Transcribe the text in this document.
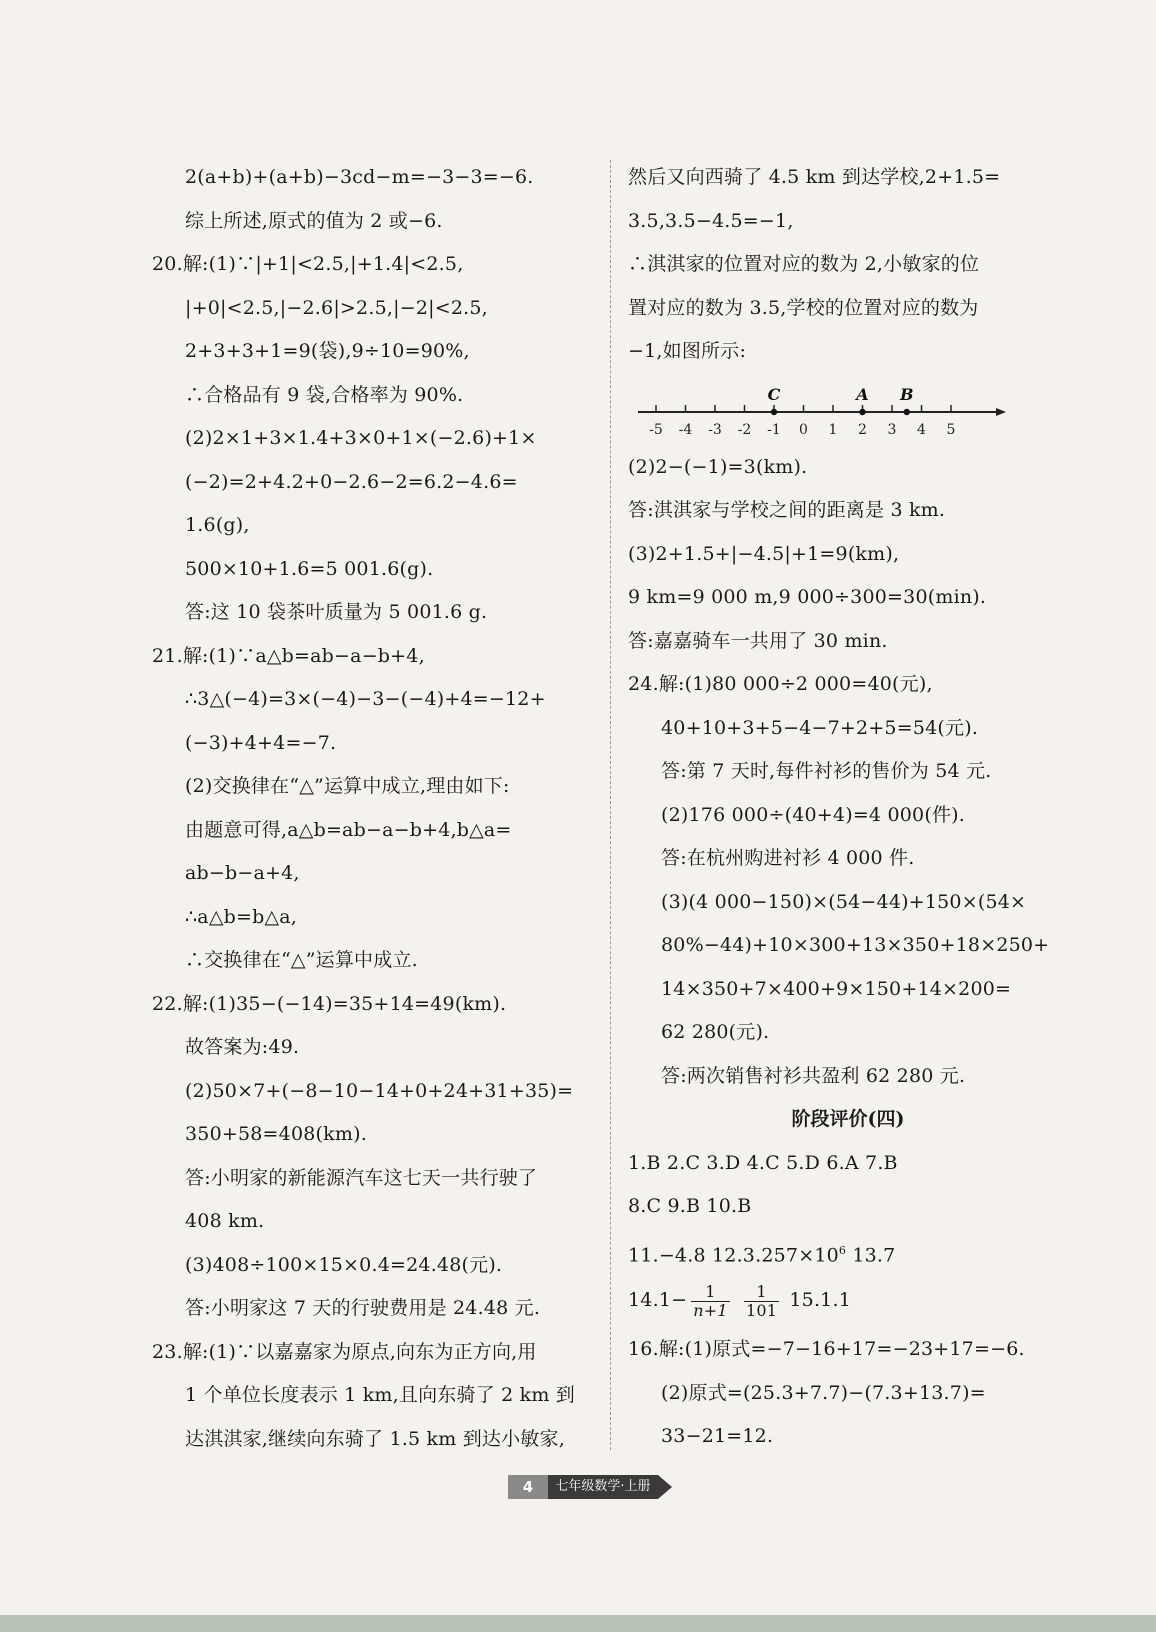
2(a+b)+(a+b)−3cd−m=−3−3=−6.
综上所述,原式的值为 2 或−6.
20.解:(1)∵|+1|<2.5,|+1.4|<2.5,
|+0|<2.5,|−2.6|>2.5,|−2|<2.5,
2+3+3+1=9(袋),9÷10=90%,
∴合格品有 9 袋,合格率为 90%.
(2)2×1+3×1.4+3×0+1×(−2.6)+1×
(−2)=2+4.2+0−2.6−2=6.2−4.6=
1.6(g),
500×10+1.6=5 001.6(g).
答:这 10 袋茶叶质量为 5 001.6 g.
21.解:(1)∵a△b=ab−a−b+4,
∴3△(−4)=3×(−4)−3−(−4)+4=−12+
(−3)+4+4=−7.
(2)交换律在“△”运算中成立,理由如下:
由题意可得,a△b=ab−a−b+4,b△a=
ab−b−a+4,
∴a△b=b△a,
∴交换律在“△”运算中成立.
22.解:(1)35−(−14)=35+14=49(km).
故答案为:49.
(2)50×7+(−8−10−14+0+24+31+35)=
350+58=408(km).
答:小明家的新能源汽车这七天一共行驶了
408 km.
(3)408÷100×15×0.4=24.48(元).
答:小明家这 7 天的行驶费用是 24.48 元.
23.解:(1)∵以嘉嘉家为原点,向东为正方向,用
1 个单位长度表示 1 km,且向东骑了 2 km 到
达淇淇家,继续向东骑了 1.5 km 到达小敏家,
然后又向西骑了 4.5 km 到达学校,2+1.5=
3.5,3.5−4.5=−1,
∴淇淇家的位置对应的数为 2,小敏家的位
置对应的数为 3.5,学校的位置对应的数为
−1,如图所示:
-5 -4 -3 -2 -1 0 1 2 3 4 5
C	A B
(2)2−(−1)=3(km).
答:淇淇家与学校之间的距离是 3 km.
(3)2+1.5+|−4.5|+1=9(km),
9 km=9 000 m,9 000÷300=30(min).
答:嘉嘉骑车一共用了 30 min.
24.解:(1)80 000÷2 000=40(元),
40+10+3+5−4−7+2+5=54(元).
答:第 7 天时,每件衬衫的售价为 54 元.
(2)176 000÷(40+4)=4 000(件).
答:在杭州购进衬衫 4 000 件.
(3)(4 000−150)×(54−44)+150×(54×
80%−44)+10×300+13×350+18×250+
14×350+7×400+9×150+14×200=
62 280(元).
答:两次销售衬衫共盈利 62 280 元.
阶段评价(四)
1.B 2.C 3.D 4.C 5.D 6.A 7.B
8.C 9.B 10.B
11.−4.8 $12.3.257\times 10^6$ 13.7
$14.1- \frac{1}{n+1}$
$\frac{1}{101} 15.1.1$
16.解:(1)原式=−7−16+17=−23+17=−6.
(2)原式=(25.3+7.7)−(7.3+13.7)=
33−21=12.
4	七年级数学·上册
